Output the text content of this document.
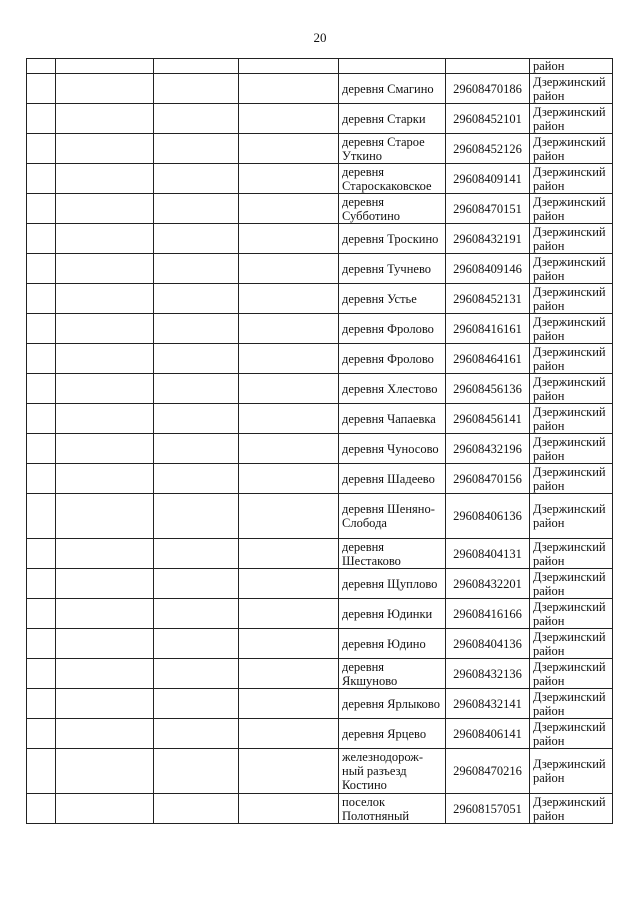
20
						район
				деревня Смагино	29608470186	Дзержинский район
				деревня Старки	29608452101	Дзержинский район
				деревня Старое Уткино	29608452126	Дзержинский район
				деревня Староскаковское	29608409141	Дзержинский район
				деревня Субботино	29608470151	Дзержинский район
				деревня Троскино	29608432191	Дзержинский район
				деревня Тучнево	29608409146	Дзержинский район
				деревня Устье	29608452131	Дзержинский район
				деревня Фролово	29608416161	Дзержинский район
				деревня Фролово	29608464161	Дзержинский район
				деревня Хлестово	29608456136	Дзержинский район
				деревня Чапаевка	29608456141	Дзержинский район
				деревня Чуносово	29608432196	Дзержинский район
				деревня Шадеево	29608470156	Дзержинский район
				деревня Шеняно-Слобода	29608406136	Дзержинский район
				деревня Шестаково	29608404131	Дзержинский район
				деревня Щуплово	29608432201	Дзержинский район
				деревня Юдинки	29608416166	Дзержинский район
				деревня Юдино	29608404136	Дзержинский район
				деревня Якшуново	29608432136	Дзержинский район
				деревня Ярлыково	29608432141	Дзержинский район
				деревня Ярцево	29608406141	Дзержинский район
				железнодорож-ный разъезд Костино	29608470216	Дзержинский район
				поселок Полотняный	29608157051	Дзержинский район
